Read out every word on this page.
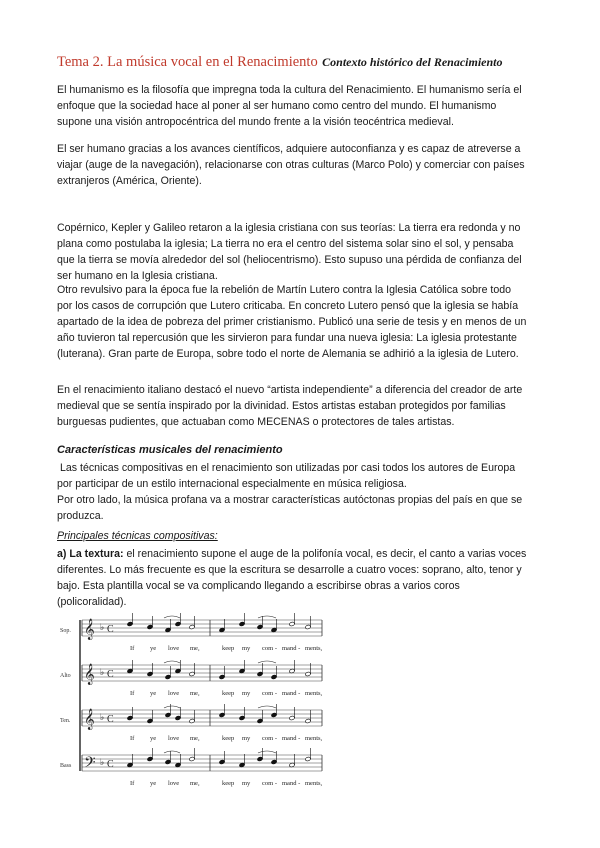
Tema 2. La música vocal en el Renacimiento Contexto histórico del Renacimiento

El humanismo es la filosofía que impregna toda la cultura del Renacimiento. El humanismo sería el enfoque que la sociedad hace al poner al ser humano como centro del mundo. El humanismo supone una visión antropocéntrica del mundo frente a la visión teocéntrica medieval.

El ser humano gracias a los avances científicos, adquiere autoconfianza y es capaz de atreverse a viajar (auge de la navegación), relacionarse con otras culturas (Marco Polo) y comerciar con países extranjeros (América, Oriente).

Copérnico, Kepler y Galileo retaron a la iglesia cristiana con sus teorías: La tierra era redonda y no plana como postulaba la iglesia; La tierra no era el centro del sistema solar sino el sol, y pensaba que la tierra se movía alrededor del sol (heliocentrismo). Esto supuso una pérdida de confianza del ser humano en la Iglesia cristiana.

Otro revulsivo para la época fue la rebelión de Martín Lutero contra la Iglesia Católica sobre todo por los casos de corrupción que Lutero criticaba. En concreto Lutero pensó que la iglesia se había apartado de la idea de pobreza del primer cristianismo. Publicó una serie de tesis y en menos de un año tuvieron tal repercusión que les sirvieron para fundar una nueva iglesia: La iglesia protestante (luterana). Gran parte de Europa, sobre todo el norte de Alemania se adhirió a la iglesia de Lutero.

En el renacimiento italiano destacó el nuevo “artista independiente” a diferencia del creador de arte medieval que se sentía inspirado por la divinidad. Estos artistas estaban protegidos por familias burguesas pudientes, que actuaban como MECENAS o protectores de tales artistas.

Características musicales del renacimiento
Las técnicas compositivas en el renacimiento son utilizadas por casi todos los autores de Europa por participar de un estilo internacional especialmente en música religiosa.
Por otro lado, la música profana va a mostrar características autóctonas propias del país en que se produzca.
Principales técnicas compositivas:

a) La textura: el renacimiento supone el auge de la polifonía vocal, es decir, el canto a varias voces diferentes. Lo más frecuente es que la escritura se desarrolle a cuatro voces: soprano, alto, tenor y bajo. Esta plantilla vocal se va complicando llegando a escribirse obras a varios coros (policoralidad).

Sop. 𝄞 ♭ C
If ye love me,	keep my com - mand - ments,
Alto 𝄞 ♭ C
If ye love me,	keep my com - mand - ments,
Ten. 𝄞 ♭ C
If ye love me,	keep my com - mand - ments,
Bass 𝄢 ♭ C
If ye love me,	keep my com - mand - ments,
